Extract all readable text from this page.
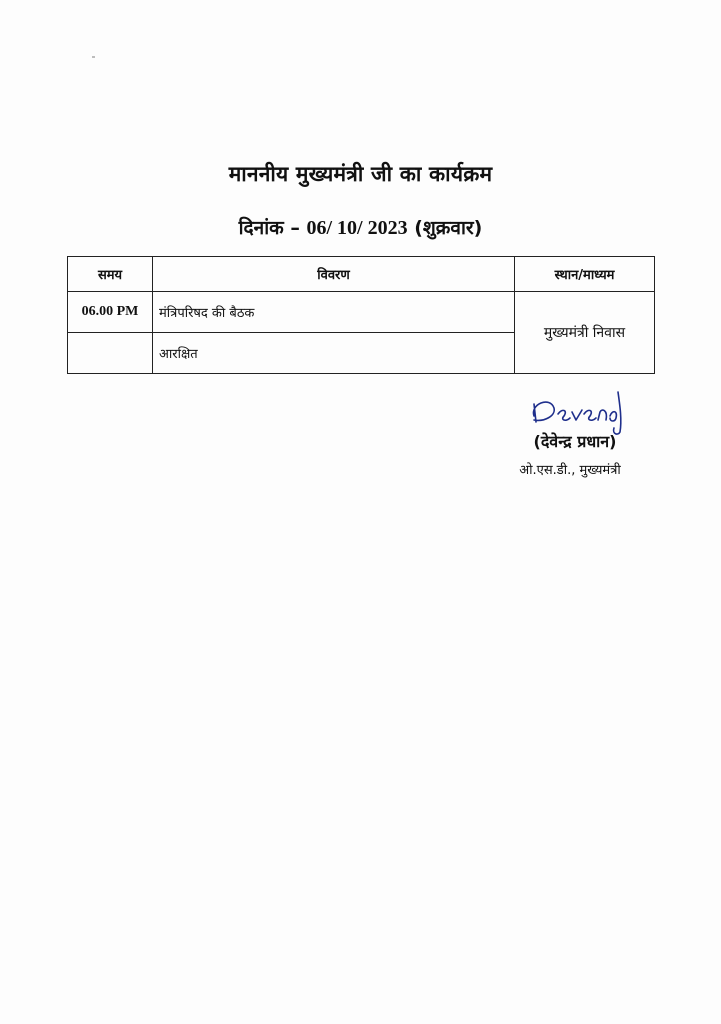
माननीय मुख्यमंत्री जी का कार्यक्रम
दिनांक – 06/ 10/ 2023 (शुक्रवार)
समय	विवरण	स्थान/माध्यम
06.00 PM	मंत्रिपरिषद की बैठक	मुख्यमंत्री निवास
	आरक्षित	
(देवेन्द्र प्रधान)
ओ.एस.डी., मुख्यमंत्री
